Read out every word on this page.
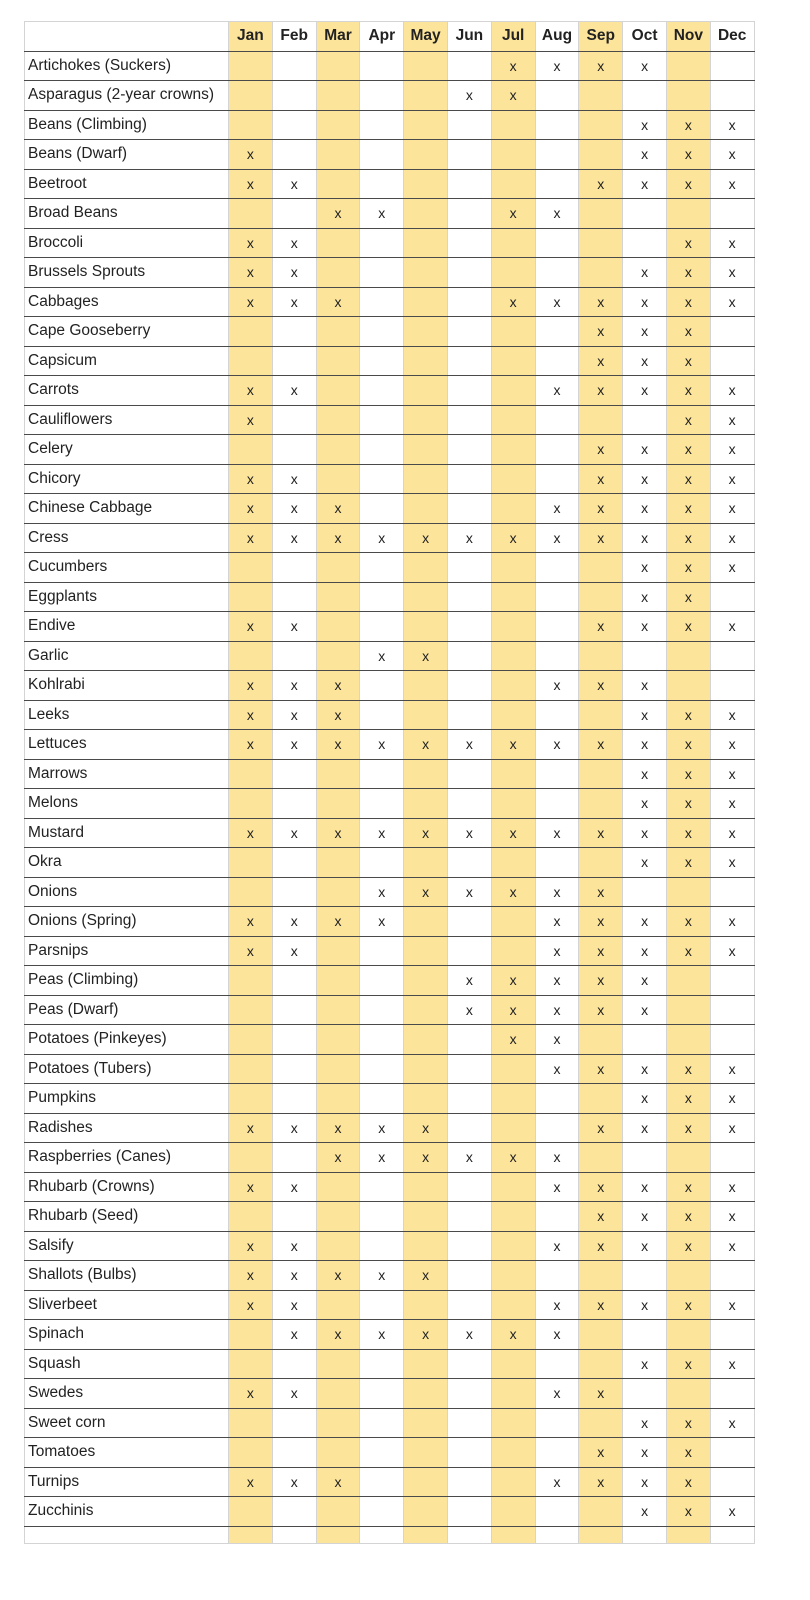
	Jan	Feb	Mar	Apr	May	Jun	Jul	Aug	Sep	Oct	Nov	Dec
Artichokes (Suckers)							x	x	x	x		
Asparagus (2-year crowns)						x	x					
Beans (Climbing)										x	x	x
Beans (Dwarf)	x									x	x	x
Beetroot	x	x							x	x	x	x
Broad Beans			x	x			x	x				
Broccoli	x	x									x	x
Brussels Sprouts	x	x								x	x	x
Cabbages	x	x	x				x	x	x	x	x	x
Cape Gooseberry									x	x	x	
Capsicum									x	x	x	
Carrots	x	x						x	x	x	x	x
Cauliflowers	x										x	x
Celery									x	x	x	x
Chicory	x	x							x	x	x	x
Chinese Cabbage	x	x	x					x	x	x	x	x
Cress	x	x	x	x	x	x	x	x	x	x	x	x
Cucumbers										x	x	x
Eggplants										x	x	
Endive	x	x							x	x	x	x
Garlic				x	x							
Kohlrabi	x	x	x					x	x	x		
Leeks	x	x	x							x	x	x
Lettuces	x	x	x	x	x	x	x	x	x	x	x	x
Marrows										x	x	x
Melons										x	x	x
Mustard	x	x	x	x	x	x	x	x	x	x	x	x
Okra										x	x	x
Onions				x	x	x	x	x	x			
Onions (Spring)	x	x	x	x				x	x	x	x	x
Parsnips	x	x						x	x	x	x	x
Peas (Climbing)						x	x	x	x	x		
Peas (Dwarf)						x	x	x	x	x		
Potatoes (Pinkeyes)							x	x				
Potatoes (Tubers)								x	x	x	x	x
Pumpkins										x	x	x
Radishes	x	x	x	x	x				x	x	x	x
Raspberries (Canes)			x	x	x	x	x	x				
Rhubarb (Crowns)	x	x						x	x	x	x	x
Rhubarb (Seed)									x	x	x	x
Salsify	x	x						x	x	x	x	x
Shallots (Bulbs)	x	x	x	x	x							
Sliverbeet	x	x						x	x	x	x	x
Spinach		x	x	x	x	x	x	x				
Squash										x	x	x
Swedes	x	x						x	x			
Sweet corn										x	x	x
Tomatoes									x	x	x	
Turnips	x	x	x					x	x	x	x	
Zucchinis										x	x	x
